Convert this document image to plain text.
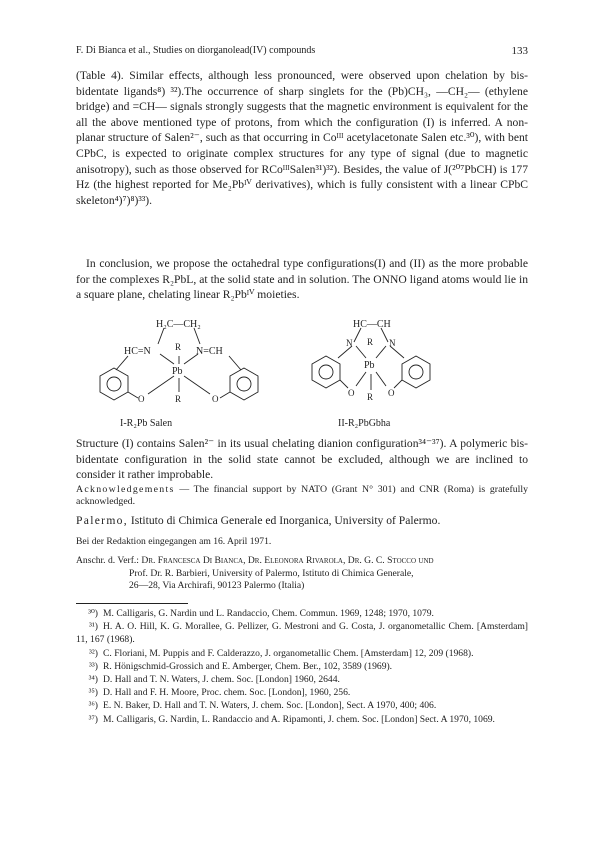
F. Di Bianca et al., Studies on diorganolead(IV) compounds	133

(Table 4). Similar effects, although less pronounced, were observed upon chelation by bis-bidentate ligands⁸) ³²).The occurrence of sharp singlets for the (Pb)CH₃, —CH₂— (ethylene bridge) and =CH— signals strongly suggests that the magnetic environment is equivalent for the all the above mentioned type of protons, from which the configuration (I) is inferred. A non-planar structure of Salen²⁻, such as that occurring in Coᴵᴵᴵ acetylacetonate Salen etc.³⁰), with bent CPbC, is expected to originate complex structures for any type of signal (due to magnetic anisotropy), such as those observed for RCoᴵᴵᴵSalen³¹)³²). Besides, the value of J(²⁰⁷PbCH) is 177 Hz (the highest reported for Me₂Pbᴵⱽ derivatives), which is fully consistent with a linear CPbC skeleton⁴)⁷)⁸)³³).

In conclusion, we propose the octahedral type configurations(I) and (II) as the more probable for the complexes R₂PbL, at the solid state and in solution. The ONNO ligand atoms would lie in a square plane, chelating linear R₂Pbᴵⱽ moieties.

H₂C—CH₂
HC=N	N=CH
R
Pb
O	O
R
HC—CH
N	N
R
Pb
O	O
R
I-R₂Pb Salen	II-R₂PbGbha

Structure (I) contains Salen²⁻ in its usual chelating dianion configuration³⁴⁻³⁷). A polymeric bis-bidentate configuration in the solid state cannot be excluded, although we are inclined to consider it rather improbable.

Acknowledgements — The financial support by NATO (Grant N° 301) and CNR (Roma) is gratefully acknowledged.
Palermo, Istituto di Chimica Generale ed Inorganica, University of Palermo.
Bei der Redaktion eingegangen am 16. April 1971.
Anschr. d. Verf.: Dr. Francesca Di Bianca, Dr. Eleonora Rivarola, Dr. G. C. Stocco und
Prof. Dr. R. Barbieri, University of Palermo, Istituto di Chimica Generale,
26—28, Via Archirafi, 90123 Palermo (Italia)

³⁰) M. Calligaris, G. Nardin und L. Randaccio, Chem. Commun. 1969, 1248; 1970, 1079.

³¹) H. A. O. Hill, K. G. Morallee, G. Pellizer, G. Mestroni and G. Costa, J. organometallic Chem. [Amsterdam] 11, 167 (1968).

³²) C. Floriani, M. Puppis and F. Calderazzo, J. organometallic Chem. [Amsterdam] 12, 209 (1968).

³³) R. Hönigschmid-Grossich and E. Amberger, Chem. Ber., 102, 3589 (1969).

³⁴) D. Hall and T. N. Waters, J. chem. Soc. [London] 1960, 2644.

³⁵) D. Hall and F. H. Moore, Proc. chem. Soc. [London], 1960, 256.

³⁶) E. N. Baker, D. Hall and T. N. Waters, J. chem. Soc. [London], Sect. A 1970, 400; 406.

³⁷) M. Calligaris, G. Nardin, L. Randaccio and A. Ripamonti, J. chem. Soc. [London] Sect. A 1970, 1069.
